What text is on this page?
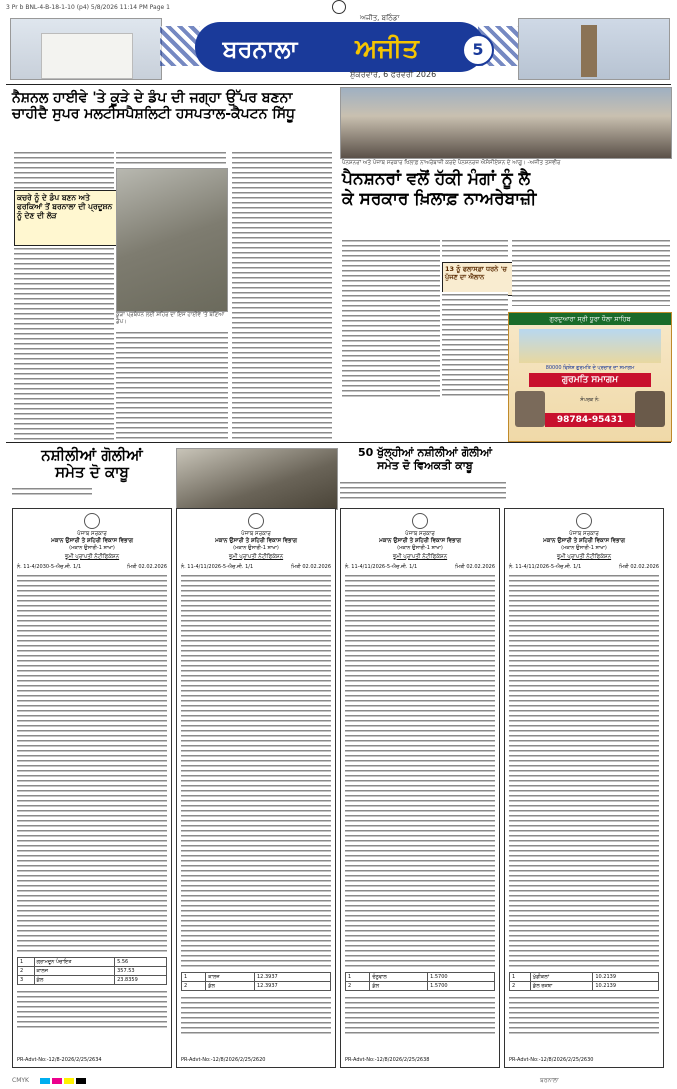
3 Pr b BNL-4-B-18-1-10 (p4) 5/8/2026 11:14 PM Page 1
ਬਰਨਾਲਾ	ਅਜੀਤ
ਅਜੀਤ, ਬਠਿੰਡਾ
ਸ਼ੁੱਕਰਵਾਰ, 6 ਫਰਵਰੀ 2026
5
ਨੈਸ਼ਨਲ ਹਾਈਵੇ 'ਤੇ ਕੂੜੇ ਦੇ ਡੰਪ ਦੀ ਜਗ੍ਹਾ ਉੱਪਰ ਬਣਨਾ
ਚਾਹੀਦੈ ਸੁਪਰ ਮਲਟੀਸਪੈਸ਼ਲਿਟੀ ਹਸਪਤਾਲ-ਕੈਪਟਨ ਸਿੱਧੂ
ਕਚਰੇ ਨੂੰ ਦੇ ਡੰਪ ਬਣਨ ਅਤੇ ਫਰਕਿਆਂ ਤੋਂ ਬਰਨਾਲਾ ਦੀ ਪ੍ਰਦੂਸ਼ਨ ਨੂੰ ਦੇਣ ਦੀ ਲੋੜ
ਕੂੜਾ ਪ੍ਰਬੰਧਨ ਲਈ ਸ਼ਹਿਰ ਦਾ ਇਸ ਹਾਈਵੇ 'ਤੇ ਬਣਿਆ ਡੰਪ।
ਪੈਨਸ਼ਨਰਾਂ ਅਤੇ ਪੰਜਾਬ ਸਰਕਾਰ ਖਿਲਾਫ਼ ਨਾਅਰੇਬਾਜ਼ੀ ਕਰਦੇ ਪੈਨਸ਼ਨਰਜ਼ ਐਸੋਸੀਏਸ਼ਨ ਦੇ ਆਗੂ। -ਅਜੀਤ ਤਸਵੀਰ
ਪੈਨਸ਼ਨਰਾਂ ਵਲੋਂ ਹੱਕੀ ਮੰਗਾਂ ਨੂੰ ਲੈ
ਕੇ ਸਰਕਾਰ ਖ਼ਿਲਾਫ਼ ਨਾਅਰੇਬਾਜ਼ੀ
13 ਨੂੰ ਫਲਾਸਫ਼ਾ ਧਰਨੇ 'ਚ ਪੁੱਜਣ ਦਾ ਐਲਾਨ
ਗੁਰਦੁਆਰਾ ਸ੍ਰੀ ਧੂਰਾ ਧੌਲਾ ਸਾਹਿਬ
80000 ਵਿਸ਼ੇਸ਼ ਗੁਰਮਤਿ ਦੇ ਪ੍ਰਚਾਰ ਦਾ ਸਮਾਗਮ
ਗੁਰਮਤਿ ਸਮਾਗਮ
ਸੰਪਰਕ ਨੰ:
98784-95431
ਨਸ਼ੀਲੀਆਂ ਗੋਲੀਆਂ
ਸਮੇਤ ਦੋ ਕਾਬੂ
50 ਖੁੱਲ੍ਹੀਆਂ ਨਸ਼ੀਲੀਆਂ ਗੋਲੀਆਂ
ਸਮੇਤ ਦੋ ਵਿਅਕਤੀ ਕਾਬੂ
ਪੰਜਾਬ ਸਰਕਾਰ
ਮਕਾਨ ਉਸਾਰੀ ਤੇ ਸ਼ਹਿਰੀ ਵਿਕਾਸ ਵਿਭਾਗ
(ਮਕਾਨ ਉਸਾਰੀ-1 ਸ਼ਾਖਾ)
ਭੂਮੀ ਪ੍ਰਾਪਤੀ ਨੋਟੀਫਿਕੇਸ਼ਨ
ਨੰ. 11-4/2030-5-ਐਚ.ਜੀ. 1/1	ਮਿਤੀ 02.02.2026
1	ਗ੍ਰਾਮਦੂਨ ਪੰਚਾਇਤ	5.56
2	ਕਾਲਜ	357.53
3	ਕੁੱਲ	23.8359
PR-Advt-No:-12/8-2026/2/25/2634
ਪੰਜਾਬ ਸਰਕਾਰ
ਮਕਾਨ ਉਸਾਰੀ ਤੇ ਸ਼ਹਿਰੀ ਵਿਕਾਸ ਵਿਭਾਗ
(ਮਕਾਨ ਉਸਾਰੀ-1 ਸ਼ਾਖਾ)
ਭੂਮੀ ਪ੍ਰਾਪਤੀ ਨੋਟੀਫਿਕੇਸ਼ਨ
ਨੰ. 11-4/11/2026-5-ਐਚ.ਜੀ. 1/1	ਮਿਤੀ 02.02.2026
1	ਕਾਲਜ	12.3937
2	ਕੁੱਲ	12.3937
PR-Advt-No:-12/8/2026/2/25/2620
ਪੰਜਾਬ ਸਰਕਾਰ
ਮਕਾਨ ਉਸਾਰੀ ਤੇ ਸ਼ਹਿਰੀ ਵਿਕਾਸ ਵਿਭਾਗ
(ਮਕਾਨ ਉਸਾਰੀ-1 ਸ਼ਾਖਾ)
ਭੂਮੀ ਪ੍ਰਾਪਤੀ ਨੋਟੀਫਿਕੇਸ਼ਨ
ਨੰ. 11-4/11/2026-5-ਐਚ.ਜੀ. 1/1	ਮਿਤੀ 02.02.2026
1	ਚੰਨੂਵਾਲ	1.5700
2	ਕੁੱਲ	1.5700
PR-Advt-No:-12/8/2026/2/25/2638
ਪੰਜਾਬ ਸਰਕਾਰ
ਮਕਾਨ ਉਸਾਰੀ ਤੇ ਸ਼ਹਿਰੀ ਵਿਕਾਸ ਵਿਭਾਗ
(ਮਕਾਨ ਉਸਾਰੀ-1 ਸ਼ਾਖਾ)
ਭੂਮੀ ਪ੍ਰਾਪਤੀ ਨੋਟੀਫਿਕੇਸ਼ਨ
ਨੰ. 11-4/11/2026-5-ਐਚ.ਜੀ. 1/1	ਮਿਤੀ 02.02.2026
1	ਖੁੱਡੀਕਲਾਂ	10.2139
2	ਕੁੱਲ ਰਕਬਾ	10.2139
PR-Advt-No:-12/8/2026/2/25/2630
CMYK	ਬਰਨਾਲਾ
